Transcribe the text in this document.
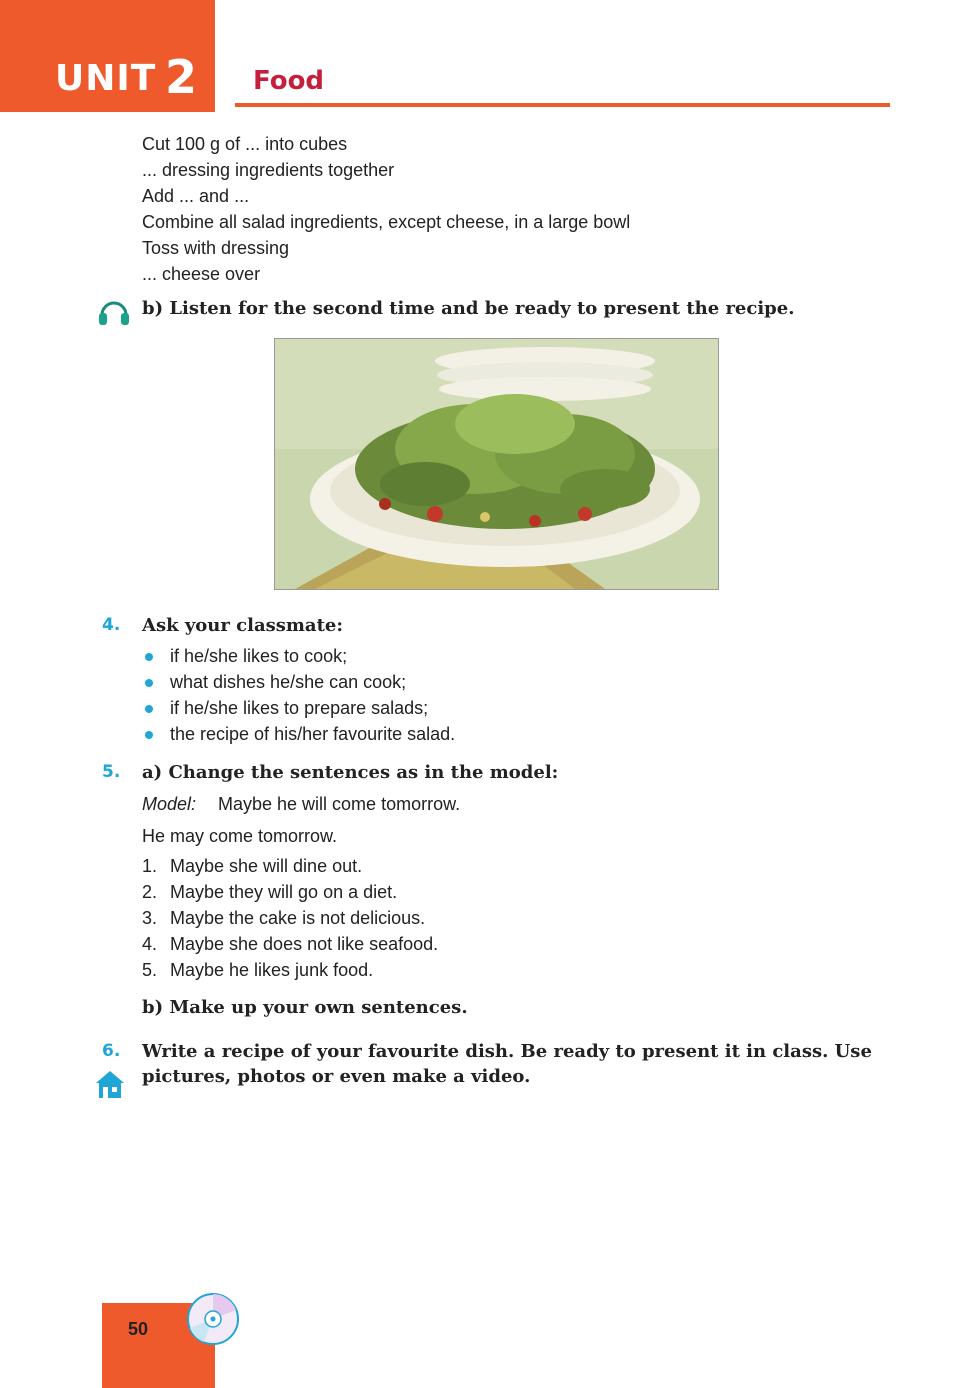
UNIT 2 Food
Cut 100 g of ... into cubes
... dressing ingredients together
Add ... and ...
Combine all salad ingredients, except cheese, in a large bowl
Toss with dressing
... cheese over
b) Listen for the second time and be ready to present the recipe.
4. Ask your classmate:
if he/she likes to cook;
what dishes he/she can cook;
if he/she likes to prepare salads;
the recipe of his/her favourite salad.
5. a) Change the sentences as in the model:
Model: Maybe he will come tomorrow.
He may come tomorrow.
1. Maybe she will dine out.
2. Maybe they will go on a diet.
3. Maybe the cake is not delicious.
4. Maybe she does not like seafood.
5. Maybe he likes junk food.
b) Make up your own sentences.
6. Write a recipe of your favourite dish. Be ready to present it in class. Use
pictures, photos or even make a video.
50
